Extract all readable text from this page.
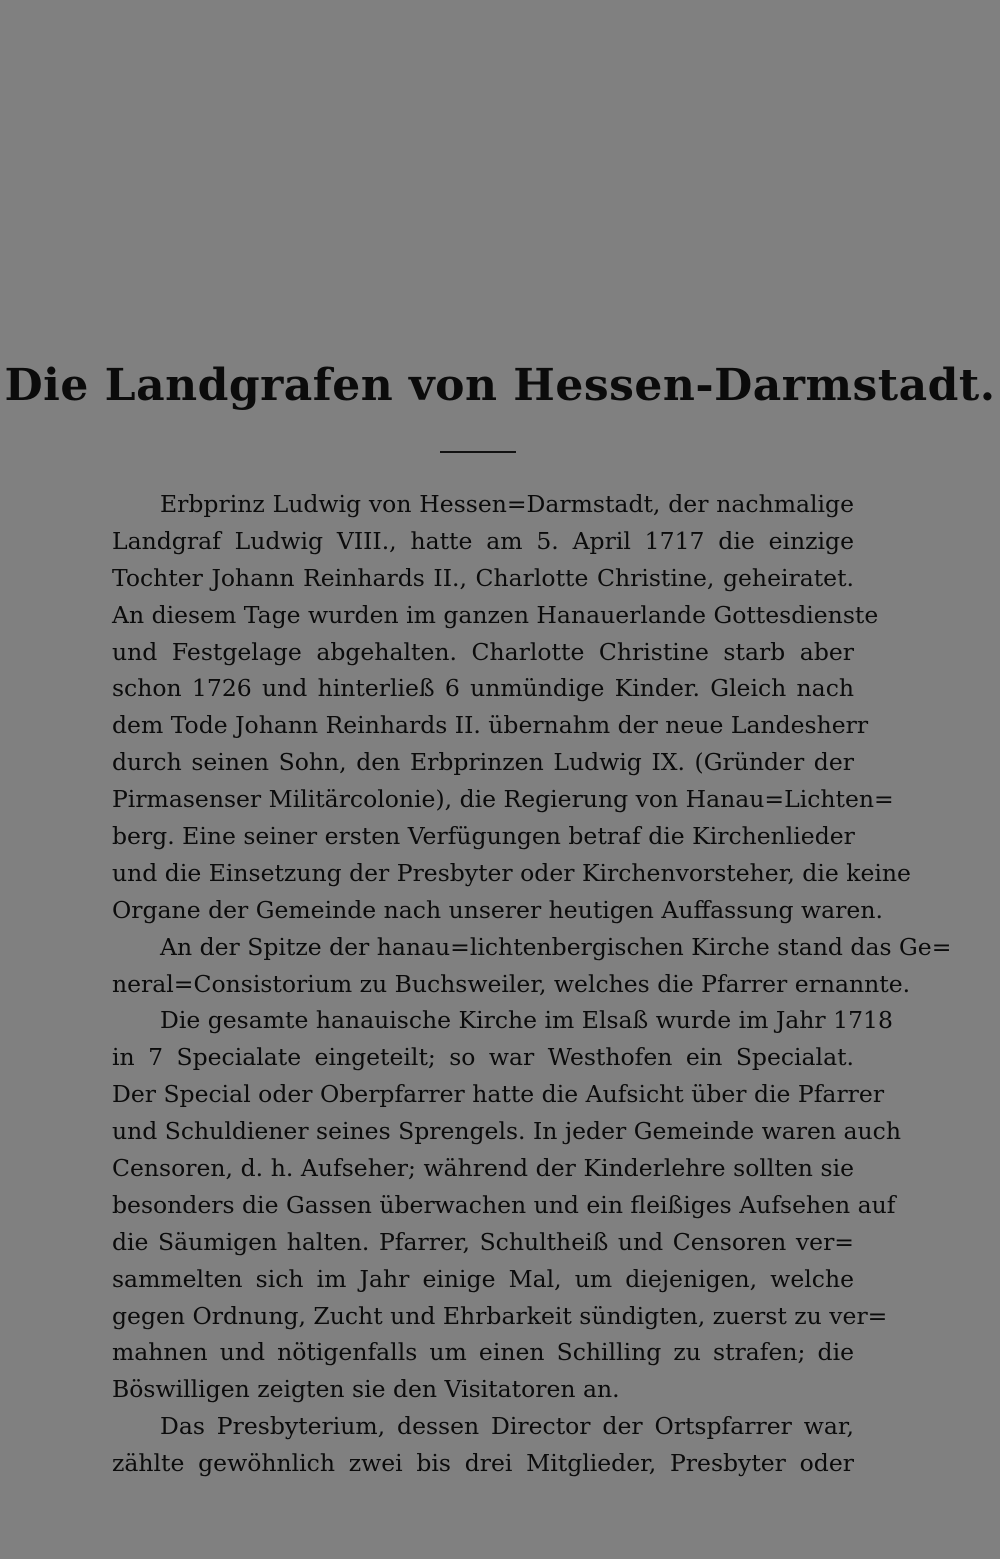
Die Landgrafen von Hessen-Darmstadt.
Erbprinz Ludwig von Hessen=Darmstadt, der nachmalige
Landgraf Ludwig VIII., hatte am 5. April 1717 die einzige
Tochter Johann Reinhards II., Charlotte Christine, geheiratet.
An diesem Tage wurden im ganzen Hanauerlande Gottesdienste
und Festgelage abgehalten. Charlotte Christine starb aber
schon 1726 und hinterließ 6 unmündige Kinder. Gleich nach
dem Tode Johann Reinhards II. übernahm der neue Landesherr
durch seinen Sohn, den Erbprinzen Ludwig IX. (Gründer der
Pirmasenser Militärcolonie), die Regierung von Hanau=Lichten=
berg. Eine seiner ersten Verfügungen betraf die Kirchenlieder
und die Einsetzung der Presbyter oder Kirchenvorsteher, die keine
Organe der Gemeinde nach unserer heutigen Auffassung waren.
An der Spitze der hanau=lichtenbergischen Kirche stand das Ge=
neral=Consistorium zu Buchsweiler, welches die Pfarrer ernannte.
Die gesamte hanauische Kirche im Elsaß wurde im Jahr 1718
in 7 Specialate eingeteilt; so war Westhofen ein Specialat.
Der Special oder Oberpfarrer hatte die Aufsicht über die Pfarrer
und Schuldiener seines Sprengels. In jeder Gemeinde waren auch
Censoren, d. h. Aufseher; während der Kinderlehre sollten sie
besonders die Gassen überwachen und ein fleißiges Aufsehen auf
die Säumigen halten. Pfarrer, Schultheiß und Censoren ver=
sammelten sich im Jahr einige Mal, um diejenigen, welche
gegen Ordnung, Zucht und Ehrbarkeit sündigten, zuerst zu ver=
mahnen und nötigenfalls um einen Schilling zu strafen; die
Böswilligen zeigten sie den Visitatoren an.
Das Presbyterium, dessen Director der Ortspfarrer war,
zählte gewöhnlich zwei bis drei Mitglieder, Presbyter oder
